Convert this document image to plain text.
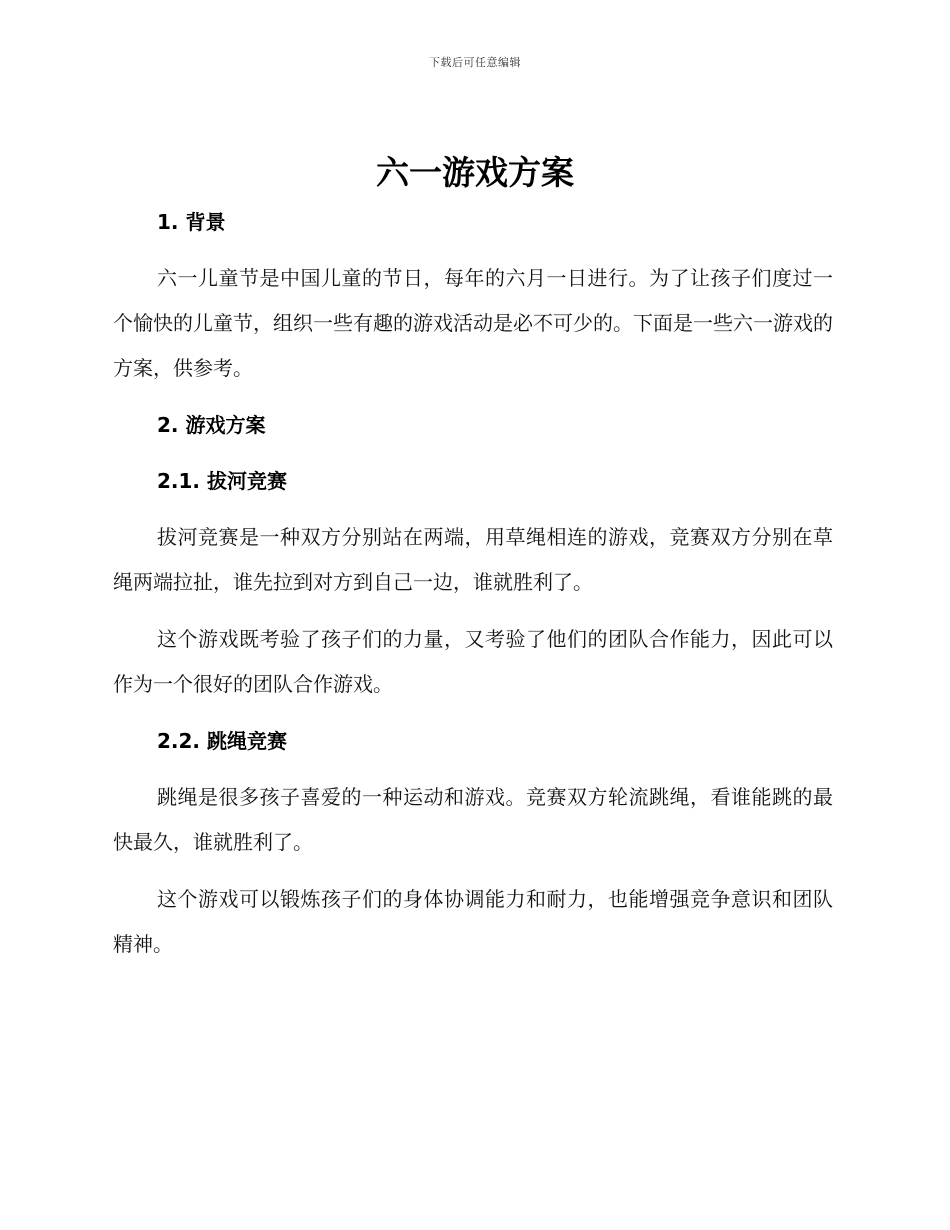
下载后可任意编辑
六一游戏方案
1. 背景

六一儿童节是中国儿童的节日，每年的六月一日进行。为了让孩子们度过一个愉快的儿童节，组织一些有趣的游戏活动是必不可少的。下面是一些六一游戏的方案，供参考。

2. 游戏方案
2.1. 拔河竞赛

拔河竞赛是一种双方分别站在两端，用草绳相连的游戏，竞赛双方分别在草绳两端拉扯，谁先拉到对方到自己一边，谁就胜利了。

这个游戏既考验了孩子们的力量，又考验了他们的团队合作能力，因此可以作为一个很好的团队合作游戏。

2.2. 跳绳竞赛

跳绳是很多孩子喜爱的一种运动和游戏。竞赛双方轮流跳绳，看谁能跳的最快最久，谁就胜利了。

这个游戏可以锻炼孩子们的身体协调能力和耐力，也能增强竞争意识和团队精神。
